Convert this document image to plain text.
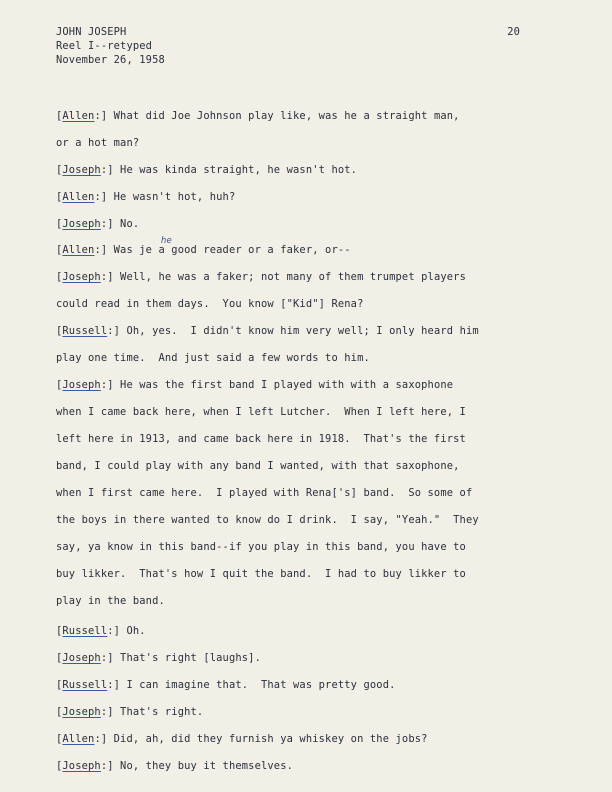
JOHN JOSEPH
Reel I--retyped
November 26, 1958
20
he
[Allen:] What did Joe Johnson play like, was he a straight man,
or a hot man?
[Joseph:] He was kinda straight, he wasn't hot.
[Allen:] He wasn't hot, huh?
[Joseph:] No.
[Allen:] Was je a good reader or a faker, or--
[Joseph:] Well, he was a faker; not many of them trumpet players
could read in them days.  You know ["Kid"] Rena?
[Russell:] Oh, yes.  I didn't know him very well; I only heard him
play one time.  And just said a few words to him.
[Joseph:] He was the first band I played with with a saxophone
when I came back here, when I left Lutcher.  When I left here, I
left here in 1913, and came back here in 1918.  That's the first
band, I could play with any band I wanted, with that saxophone,
when I first came here.  I played with Rena['s] band.  So some of
the boys in there wanted to know do I drink.  I say, "Yeah."  They
say, ya know in this band--if you play in this band, you have to
buy likker.  That's how I quit the band.  I had to buy likker to
play in the band.
[Russell:] Oh.
[Joseph:] That's right [laughs].
[Russell:] I can imagine that.  That was pretty good.
[Joseph:] That's right.
[Allen:] Did, ah, did they furnish ya whiskey on the jobs?
[Joseph:] No, they buy it themselves.
